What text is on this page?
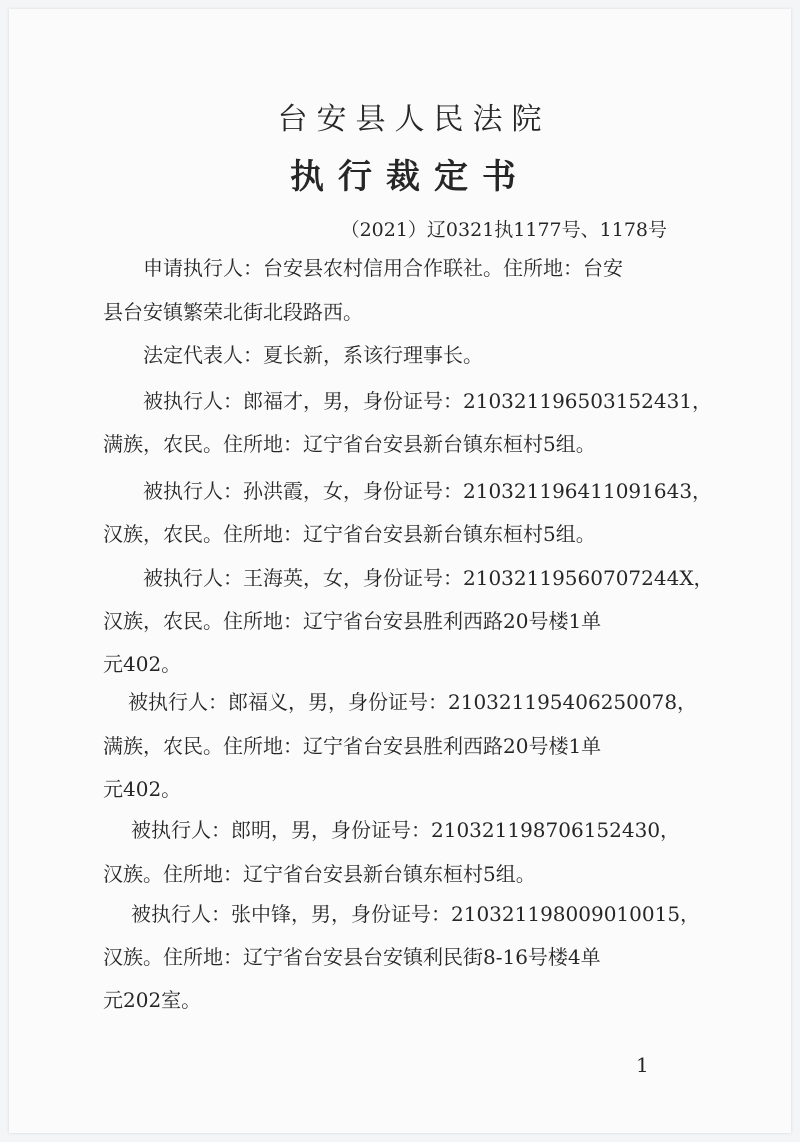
台安县人民法院
执行裁定书
（2021）辽0321执1177号、1178号
申请执行人：台安县农村信用合作联社。住所地：台安
县台安镇繁荣北街北段路西。
法定代表人：夏长新，系该行理事长。
被执行人：郎福才，男，身份证号：210321196503152431，
满族，农民。住所地：辽宁省台安县新台镇东桓村5组。
被执行人：孙洪霞，女，身份证号：210321196411091643，
汉族，农民。住所地：辽宁省台安县新台镇东桓村5组。
被执行人：王海英，女，身份证号：21032119560707244X，
汉族，农民。住所地：辽宁省台安县胜利西路20号楼1单
元402。
被执行人：郎福义，男，身份证号：210321195406250078，
满族，农民。住所地：辽宁省台安县胜利西路20号楼1单
元402。
被执行人：郎明，男，身份证号：210321198706152430，
汉族。住所地：辽宁省台安县新台镇东桓村5组。
被执行人：张中锋，男，身份证号：210321198009010015，
汉族。住所地：辽宁省台安县台安镇利民街8-16号楼4单
元202室。
1
